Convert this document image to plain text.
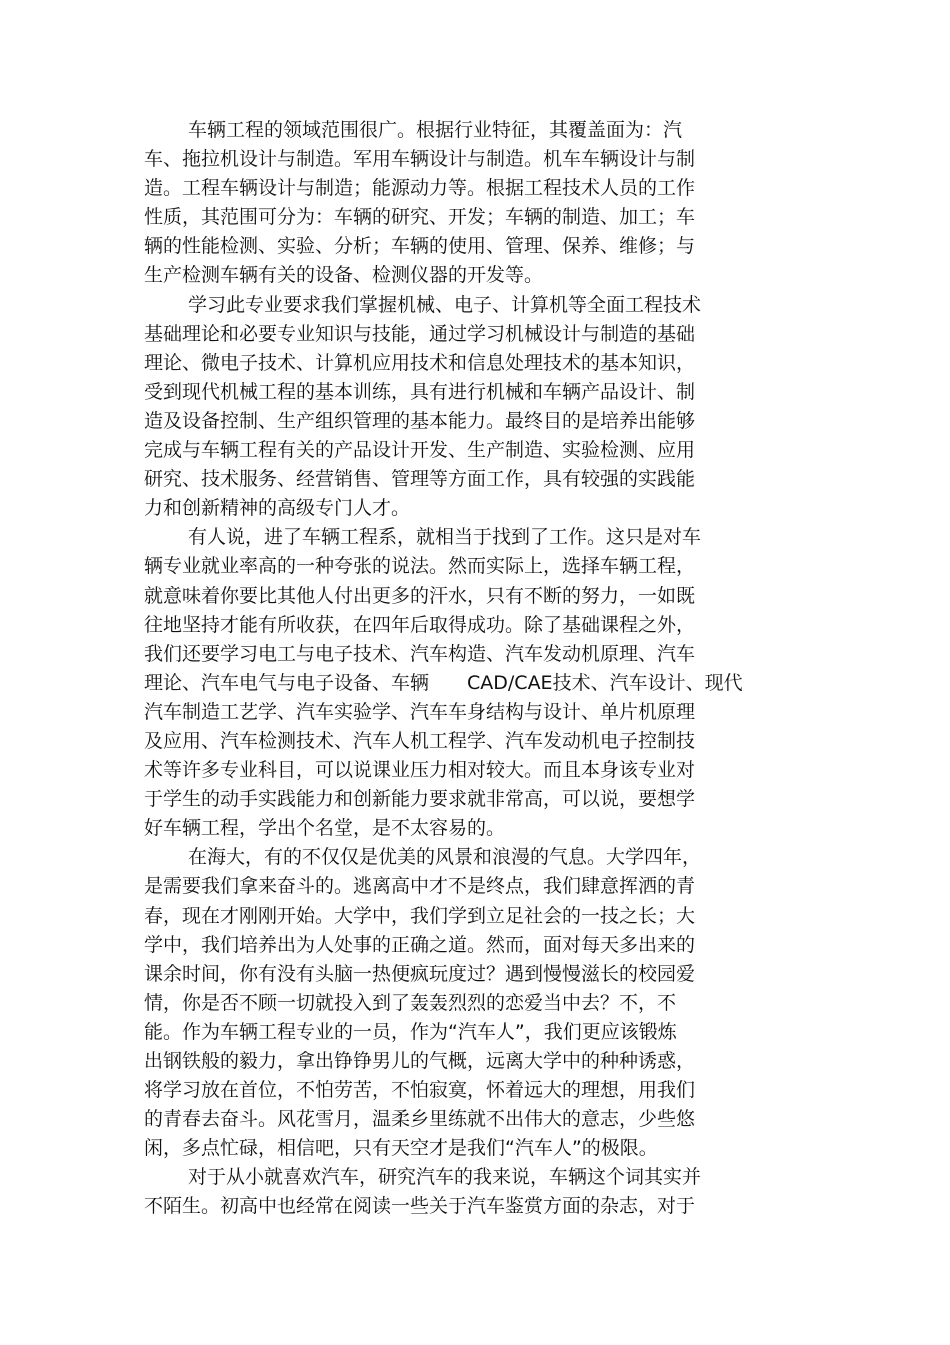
车辆工程的领域范围很广。根据行业特征，其覆盖面为：汽
车、拖拉机设计与制造。军用车辆设计与制造。机车车辆设计与制
造。工程车辆设计与制造；能源动力等。根据工程技术人员的工作
性质，其范围可分为：车辆的研究、开发；车辆的制造、加工；车
辆的性能检测、实验、分析；车辆的使用、管理、保养、维修；与
生产检测车辆有关的设备、检测仪器的开发等。
学习此专业要求我们掌握机械、电子、计算机等全面工程技术
基础理论和必要专业知识与技能，通过学习机械设计与制造的基础
理论、微电子技术、计算机应用技术和信息处理技术的基本知识，
受到现代机械工程的基本训练，具有进行机械和车辆产品设计、制
造及设备控制、生产组织管理的基本能力。最终目的是培养出能够
完成与车辆工程有关的产品设计开发、生产制造、实验检测、应用
研究、技术服务、经营销售、管理等方面工作，具有较强的实践能
力和创新精神的高级专门人才。
有人说，进了车辆工程系，就相当于找到了工作。这只是对车
辆专业就业率高的一种夸张的说法。然而实际上，选择车辆工程，
就意味着你要比其他人付出更多的汗水，只有不断的努力，一如既
往地坚持才能有所收获，在四年后取得成功。除了基础课程之外，
我们还要学习电工与电子技术、汽车构造、汽车发动机原理、汽车
理论、汽车电气与电子设备、车辆　　CAD/CAE技术、汽车设计、现代
汽车制造工艺学、汽车实验学、汽车车身结构与设计、单片机原理
及应用、汽车检测技术、汽车人机工程学、汽车发动机电子控制技
术等许多专业科目，可以说课业压力相对较大。而且本身该专业对
于学生的动手实践能力和创新能力要求就非常高，可以说，要想学
好车辆工程，学出个名堂，是不太容易的。
在海大，有的不仅仅是优美的风景和浪漫的气息。大学四年，
是需要我们拿来奋斗的。逃离高中才不是终点，我们肆意挥洒的青
春，现在才刚刚开始。大学中，我们学到立足社会的一技之长；大
学中，我们培养出为人处事的正确之道。然而，面对每天多出来的
课余时间，你有没有头脑一热便疯玩度过？遇到慢慢滋长的校园爱
情，你是否不顾一切就投入到了轰轰烈烈的恋爱当中去？不，不
能。作为车辆工程专业的一员，作为“汽车人”，我们更应该锻炼
出钢铁般的毅力，拿出铮铮男儿的气概，远离大学中的种种诱惑，
将学习放在首位，不怕劳苦，不怕寂寞，怀着远大的理想，用我们
的青春去奋斗。风花雪月，温柔乡里练就不出伟大的意志，少些悠
闲，多点忙碌，相信吧，只有天空才是我们“汽车人”的极限。
对于从小就喜欢汽车，研究汽车的我来说，车辆这个词其实并
不陌生。初高中也经常在阅读一些关于汽车鉴赏方面的杂志，对于
